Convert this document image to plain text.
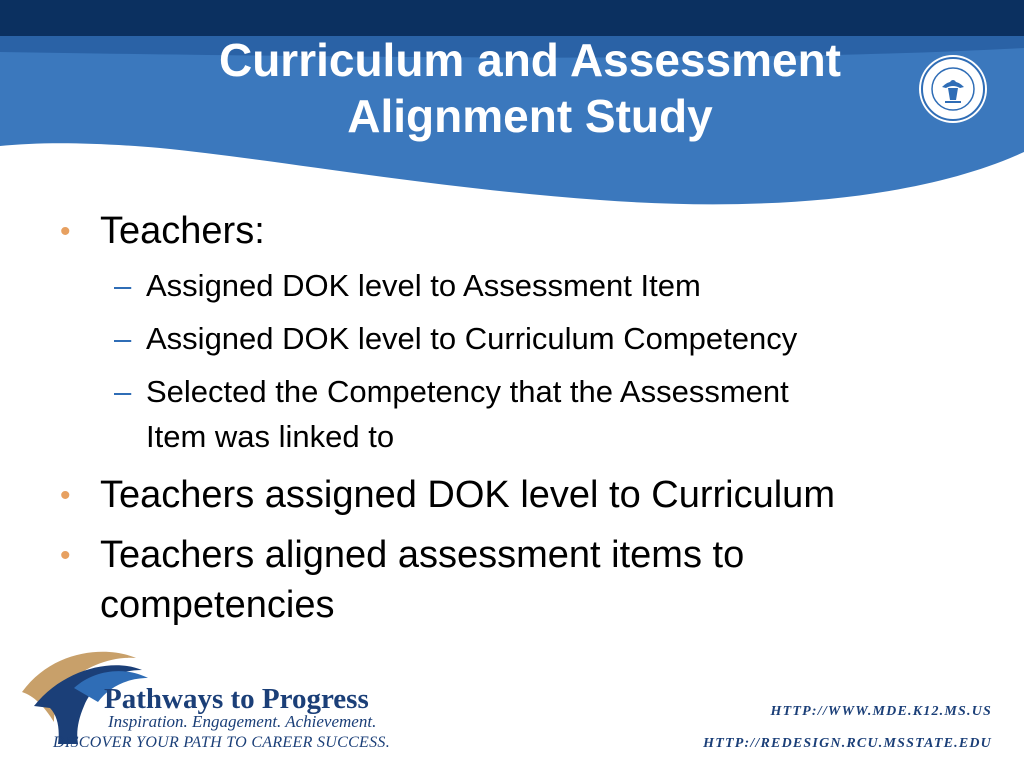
Curriculum and Assessment
Alignment Study
• Teachers:
– Assigned DOK level to Assessment Item
– Assigned DOK level to Curriculum Competency
– Selected the Competency that the Assessment
Item was linked to
• Teachers assigned DOK level to Curriculum
• Teachers aligned assessment items to
competencies
Pathways to Progress
Inspiration. Engagement. Achievement.
DISCOVER YOUR PATH TO CAREER SUCCESS.
HTTP://WWW.MDE.K12.MS.US
HTTP://REDESIGN.RCU.MSSTATE.EDU
